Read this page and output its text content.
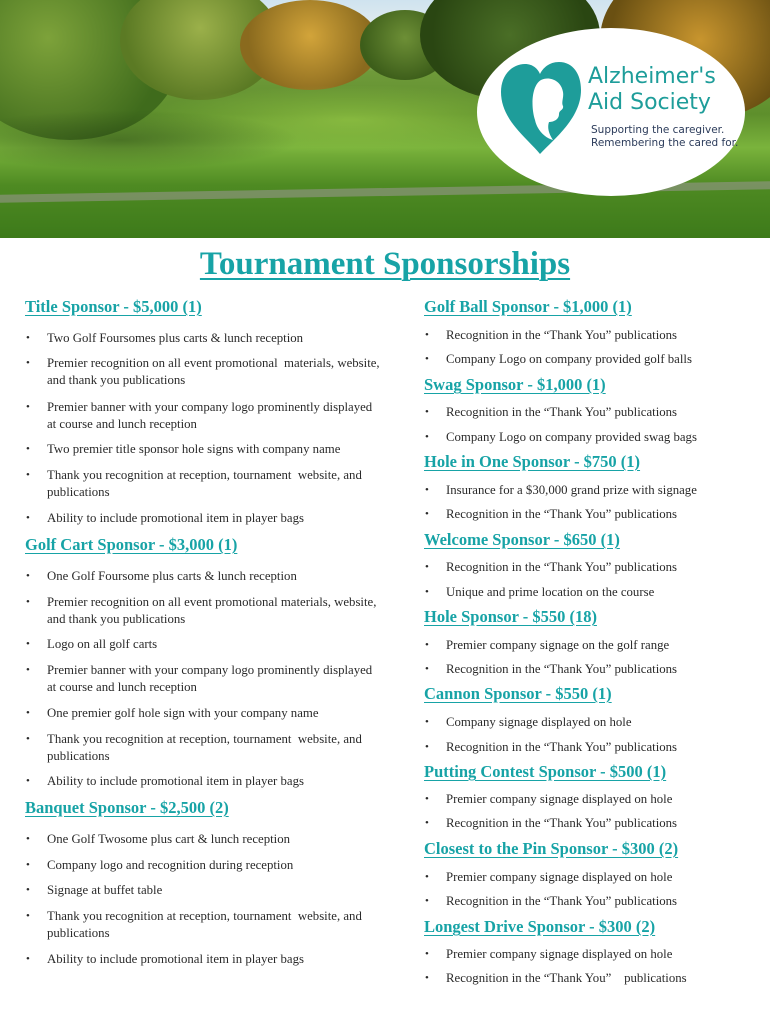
Alzheimer's
Aid Society
Supporting the caregiver.
Remembering the cared for.
Tournament Sponsorships
Title Sponsor - $5,000 (1)
• Two Golf Foursomes plus carts & lunch reception
• Premier recognition on all event promotional  materials, website,
and thank you publications
• Premier banner with your company logo prominently displayed
at course and lunch reception
• Two premier title sponsor hole signs with company name
• Thank you recognition at reception, tournament  website, and
publications
• Ability to include promotional item in player bags
Golf Cart Sponsor - $3,000 (1)
• One Golf Foursome plus carts & lunch reception
• Premier recognition on all event promotional materials, website,
and thank you publications
• Logo on all golf carts
• Premier banner with your company logo prominently displayed
at course and lunch reception
• One premier golf hole sign with your company name
• Thank you recognition at reception, tournament  website, and
publications
• Ability to include promotional item in player bags
Banquet Sponsor - $2,500 (2)
• One Golf Twosome plus cart & lunch reception
• Company logo and recognition during reception
• Signage at buffet table
• Thank you recognition at reception, tournament  website, and
publications
• Ability to include promotional item in player bags
Golf Ball Sponsor - $1,000 (1)
• Recognition in the “Thank You” publications
• Company Logo on company provided golf balls
Swag Sponsor - $1,000 (1)
• Recognition in the “Thank You” publications
• Company Logo on company provided swag bags
Hole in One Sponsor - $750 (1)
• Insurance for a $30,000 grand prize with signage
• Recognition in the “Thank You” publications
Welcome Sponsor - $650 (1)
• Recognition in the “Thank You” publications
• Unique and prime location on the course
Hole Sponsor - $550 (18)
• Premier company signage on the golf range
• Recognition in the “Thank You” publications
Cannon Sponsor - $550 (1)
• Company signage displayed on hole
• Recognition in the “Thank You” publications
Putting Contest Sponsor - $500 (1)
• Premier company signage displayed on hole
• Recognition in the “Thank You” publications
Closest to the Pin Sponsor - $300 (2)
• Premier company signage displayed on hole
• Recognition in the “Thank You” publications
Longest Drive Sponsor - $300 (2)
• Premier company signage displayed on hole
• Recognition in the “Thank You”    publications
